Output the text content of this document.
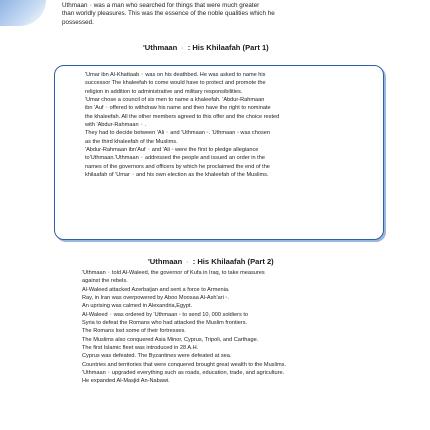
Uthmaan ◦ was a man who searched for things that were much greater

than worldly pleasures. This was the essence of the noble qualities which he

possessed.

'Uthmaan ◦ : His Khilaafah (Part 1)

'Umar ibn Al-Khattaab ◦ was on his deathbed. He was asked to name his

successor The khaleefah to come would have to protect and promote the

religion in addition to administrative and military responsibilities.

'Umar chose a council of six men to name a khaleefah. 'Abdur-Rahmaan

ibn 'Auf ◦ offered to withdraw his name and then have the right to nominate

the khaleefah. All the other members agreed to this offer and the choice rested

with 'Abdur-Rahmaan ◦ .

They had to decide between 'Ali ◦ and 'Uthmaan ◦. 'Uthmaan ◦ was chosen

as the third khaleefah of the Muslims.

'Abdur-Rahmaan ibn'Auf ◦ and 'Ali ◦ were the first to pledge allegiance

to'Uthmaan.'Uthmaan ◦ addressed the people and issued an order in the

names of the governors and officers by which he proclaimed the end of the

khilaafah of 'Umar ◦ and his own election as the khaleefah of the Muslims.

'Uthmaan ◦ : His Khilaafah (Part 2)

'Uthmaan ◦ told Al-Waleed, the governor of Kufa in Iraq, to take measures

against the rebels.

Al-Waleed attacked Azerbaijan and sent a force to Armenia.

Ray, in Iran was overpowered by Aboo Moosaa Al-Ash'ari ◦.

An uprising was calmed in Alexandria,Egypt.

Al-Waleed ◦ was ordered by 'Uthmaan ◦ to send 10, 000 soldiers to

Syria to defeat the Romans who had attacked the Muslim frontiers.

The Romans lost some of their fortresses.

The Muslims also conquered Asia Minor, Cyprus, Tripoli, and Carthage.

The first Islamic fleet was introduced in 28 A.H.

Cyprus was defeated. The Byzantines were defeated at sea.

Countries and territories that were conquered brought great wealth to the Muslims.

'Uthmaan ◦ upgraded everything such as roads, education, trade, and agriculture.

He expanded Al-Masjid An-Nabawi.
